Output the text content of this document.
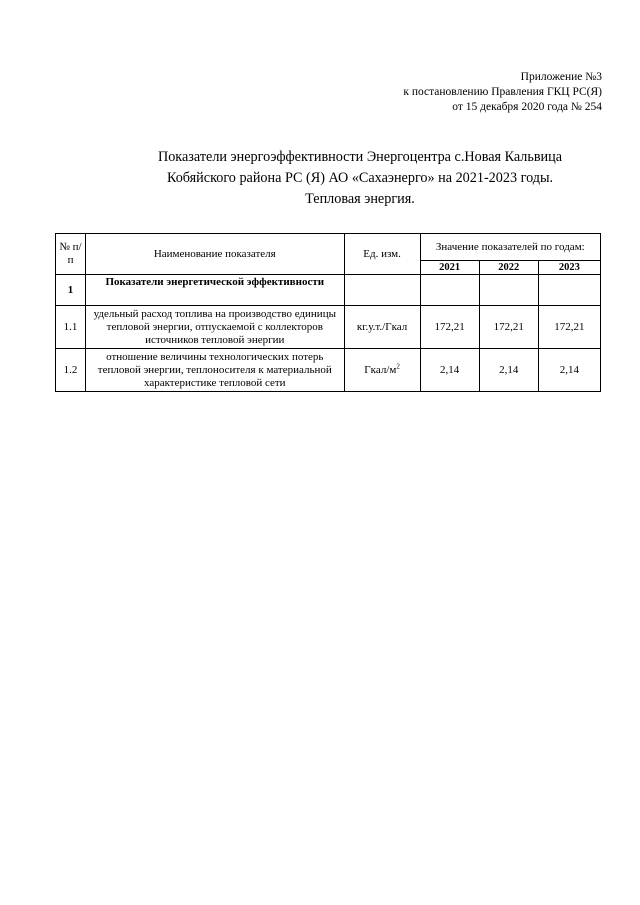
Приложение №3
к постановлению Правления ГКЦ РС(Я)
от 15 декабря 2020 года № 254
Показатели энергоэффективности Энергоцентра с.Новая Кальвица
Кобяйского района РС (Я) АО «Сахаэнерго» на 2021-2023 годы.
Тепловая энергия.
№ п/п	Наименование показателя	Ед. изм.	Значение показателей по годам:		
			2021	2022	2023
1	Показатели энергетической эффективности				
1.1	удельный расход топлива на производство единицы тепловой энергии, отпускаемой с коллекторов источников тепловой энергии	кг.у.т./Гкал	172,21	172,21	172,21
1.2	отношение величины технологических потерь тепловой энергии, теплоносителя к материальной характеристике тепловой сети	Гкал/$м^2$	2,14	2,14	2,14
